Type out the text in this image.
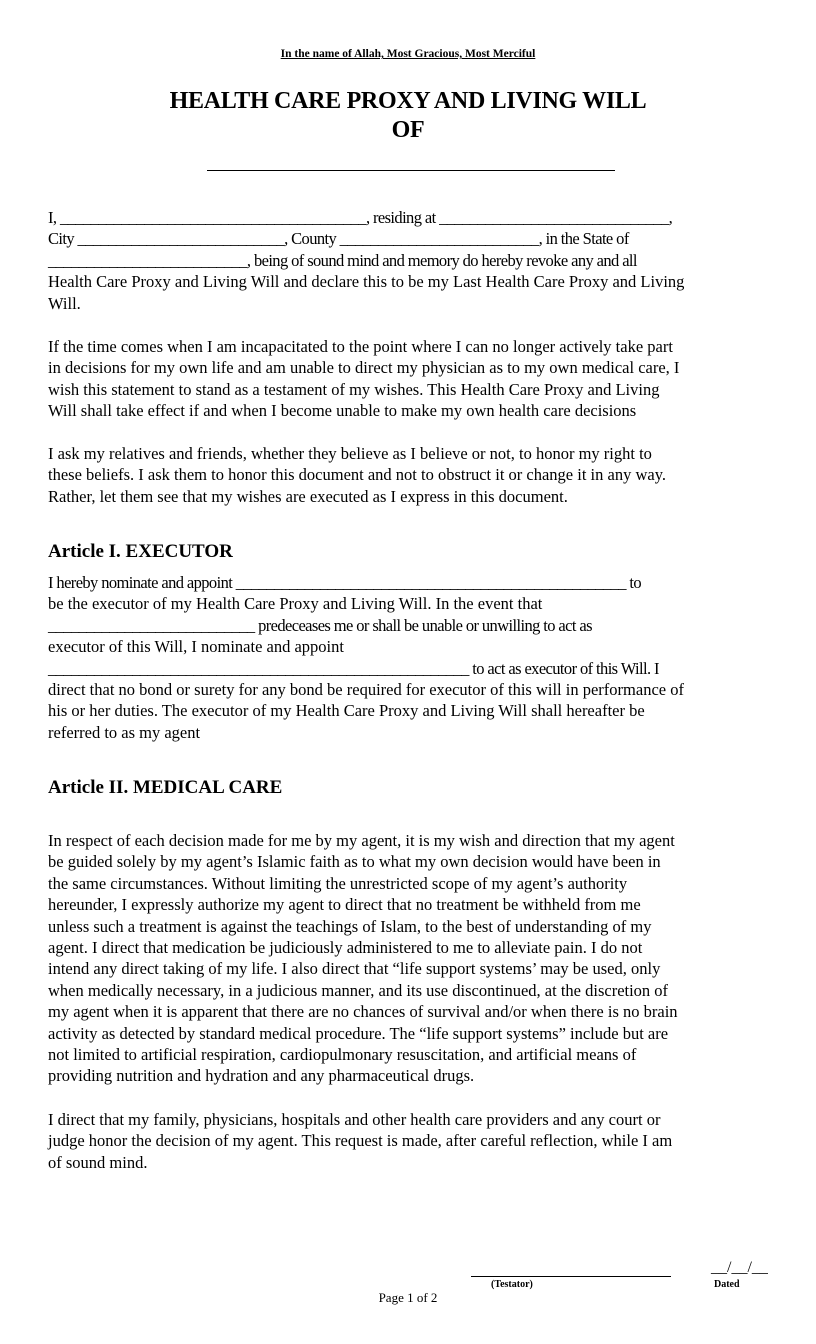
In the name of Allah, Most Gracious, Most Merciful
HEALTH CARE PROXY AND LIVING WILL
OF
I, ________________________________________, residing at ______________________________,
City ___________________________, County __________________________, in the State of
__________________________, being of sound mind and memory do hereby revoke any and all
Health Care Proxy and Living Will and declare this to be my Last Health Care Proxy and Living
Will.
If the time comes when I am incapacitated to the point where I can no longer actively take part
in decisions for my own life and am unable to direct my physician as to my own medical care, I
wish this statement to stand as a testament of my wishes. This Health Care Proxy and Living
Will shall take effect if and when I become unable to make my own health care decisions
I ask my relatives and friends, whether they believe as I believe or not, to honor my right to
these beliefs. I ask them to honor this document and not to obstruct it or change it in any way.
Rather, let them see that my wishes are executed as I express in this document.
Article I. EXECUTOR
I hereby nominate and appoint ___________________________________________________ to
be the executor of my Health Care Proxy and Living Will. In the event that
___________________________ predeceases me or shall be unable or unwilling to act as
executor of this Will, I nominate and appoint
_______________________________________________________ to act as executor of this Will. I
direct that no bond or surety for any bond be required for executor of this will in performance of
his or her duties. The executor of my Health Care Proxy and Living Will shall hereafter be
referred to as my agent
Article II. MEDICAL CARE
In respect of each decision made for me by my agent, it is my wish and direction that my agent
be guided solely by my agent’s Islamic faith as to what my own decision would have been in
the same circumstances. Without limiting the unrestricted scope of my agent’s authority
hereunder, I expressly authorize my agent to direct that no treatment be withheld from me
unless such a treatment is against the teachings of Islam, to the best of understanding of my
agent. I direct that medication be judiciously administered to me to alleviate pain. I do not
intend any direct taking of my life. I also direct that “life support systems’ may be used, only
when medically necessary, in a judicious manner, and its use discontinued, at the discretion of
my agent when it is apparent that there are no chances of survival and/or when there is no brain
activity as detected by standard medical procedure. The “life support systems” include but are
not limited to artificial respiration, cardiopulmonary resuscitation, and artificial means of
providing nutrition and hydration and any pharmaceutical drugs.
I direct that my family, physicians, hospitals and other health care providers and any court or
judge honor the decision of my agent. This request is made, after careful reflection, while I am
of sound mind.
(Testator)
__/__/__
Dated
Page 1 of 2
